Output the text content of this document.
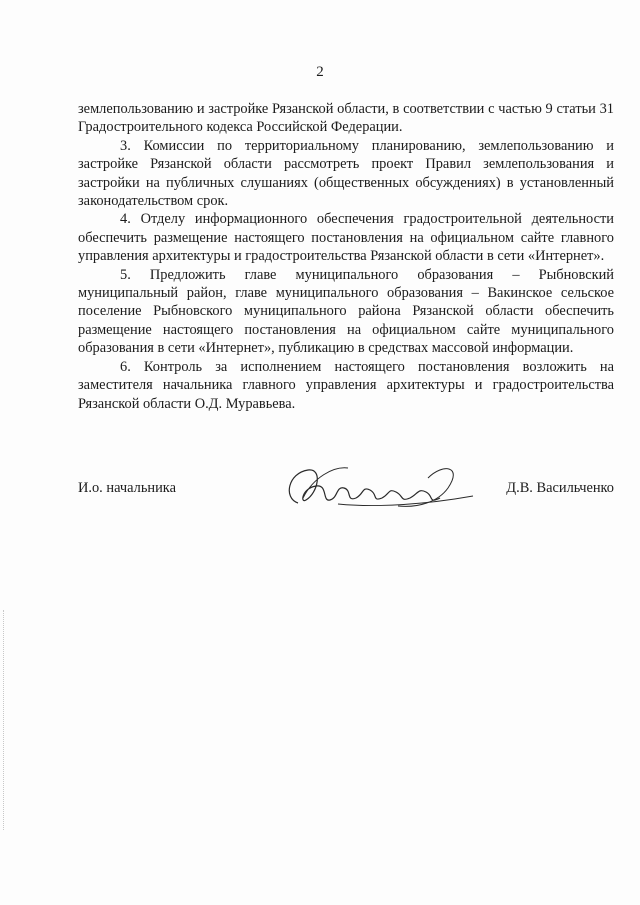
2

землепользованию и застройке Рязанской области, в соответствии с частью 9 статьи 31 Градостроительного кодекса Российской Федерации.

3. Комиссии по территориальному планированию, землепользованию и застройке Рязанской области рассмотреть проект Правил землепользования и застройки на публичных слушаниях (общественных обсуждениях) в установленный законодательством срок.

4. Отделу информационного обеспечения градостроительной деятельности обеспечить размещение настоящего постановления на официальном сайте главного управления архитектуры и градостроительства Рязанской области в сети «Интернет».

5. Предложить главе муниципального образования – Рыбновский муниципальный район, главе муниципального образования – Вакинское сельское поселение Рыбновского муниципального района Рязанской области обеспечить размещение настоящего постановления на официальном сайте муниципального образования в сети «Интернет», публикацию в средствах массовой информации.

6. Контроль за исполнением настоящего постановления возложить на заместителя начальника главного управления архитектуры и градостроительства Рязанской области О.Д. Муравьева.

И.о. начальника	Д.В. Васильченко
